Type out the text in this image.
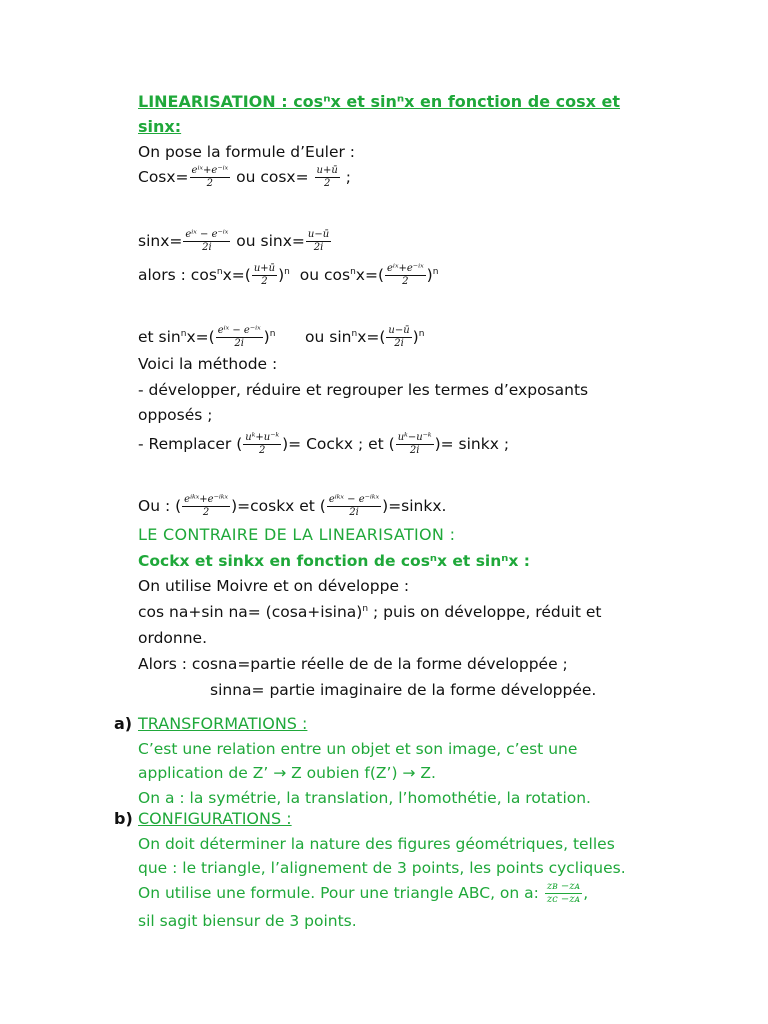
LINEARISATION : cosⁿx et sinⁿx en fonction de cosx et
sinx:
On pose la formule d’Euler :
Cosx= $\frac{\text{eⁱˣ+e⁻ⁱˣ}}{2}$ ou $\cos x= \frac{u+ū}{2}$ ;
$\sin x= \frac{\text{eⁱˣ − e⁻ⁱˣ}}{2i}$ ou $\sin x= \frac{u-ū}{2i}$
alors : $\cos^nx=( \frac{u+ū}{2} )^n$ ou $\cos^nx=( \frac{\text{eⁱˣ+e⁻ⁱˣ}}{2} )^n$
et $\sin^nx=( \frac{\text{eⁱˣ − e⁻ⁱˣ}}{2i} )^n$ ou $\sin^nx=( \frac{u-ū}{2i} )^n$
Voici la méthode :
- développer, réduire et regrouper les termes d’exposants
opposés ;
- Remplacer ( $\frac{\text{uᵏ+u⁻ᵏ}}{2}$ )= Cockx ; et ( $\frac{\text{uᵏ−u⁻ᵏ}}{2i}$ )= sinkx ;
Ou : ( $\frac{\text{eⁱᵏˣ+e⁻ⁱᵏˣ}}{2}$ )=coskx et ( $\frac{\text{eⁱᵏˣ − e⁻ⁱᵏˣ}}{2i}$ )=sinkx.
LE CONTRAIRE DE LA LINEARISATION :
Cockx et sinkx en fonction de cosⁿx et sinⁿx :
On utilise Moivre et on développe :
cos na+sin $na= (\cos a+isina)^n$ ; puis on développe, réduit et
ordonne.
Alors : cosna=partie réelle de de la forme développée ;
sinna= partie imaginaire de la forme développée.
a) TRANSFORMATIONS :
C’est une relation entre un objet et son image, c’est une
application de Z’ → Z oubien f(Z’) → Z.
On a : la symétrie, la translation, l’homothétie, la rotation.
b) CONFIGURATIONS :
On doit déterminer la nature des figures géométriques, telles
que : le triangle, l’alignement de 3 points, les points cycliques.
On utilise une formule. Pour une triangle ABC, on a: $\frac{\text{zʙ −zᴀ}}{\text{zᴄ −zᴀ}}$ ,
sil sagit biensur de 3 points.
